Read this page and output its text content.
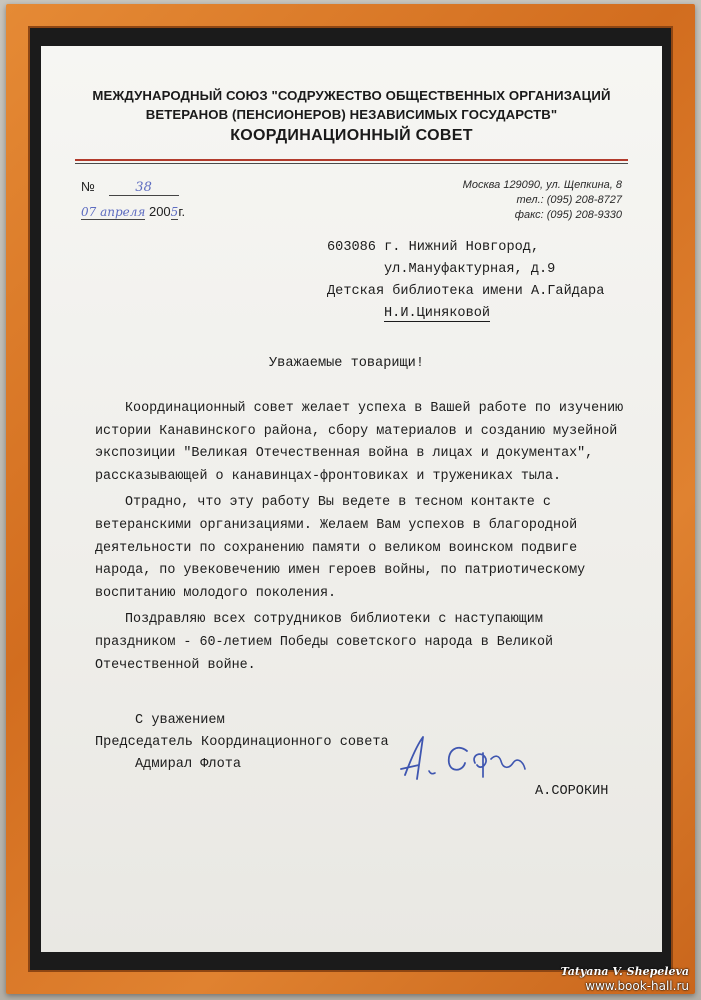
МЕЖДУНАРОДНЫЙ СОЮЗ "СОДРУЖЕСТВО ОБЩЕСТВЕННЫХ ОРГАНИЗАЦИЙ
ВЕТЕРАНОВ (ПЕНСИОНЕРОВ) НЕЗАВИСИМЫХ ГОСУДАРСТВ"
КООРДИНАЦИОННЫЙ СОВЕТ
№	38
07 апреля 2005г.
Москва 129090, ул. Щепкина, 8
тел.: (095) 208-8727
факс: (095) 208-9330
603086 г. Нижний Новгород,
ул.Мануфактурная, д.9
Детская библиотека имени А.Гайдара
Н.И.Циняковой
Уважаемые товарищи!

Координационный совет желает успеха в Вашей работе по изучению истории Канавинского района, сбору материалов и созданию музейной экспозиции "Великая Отечественная война в лицах и документах", рассказывающей о канавинцах-фронтовиках и тружениках тыла.

Отрадно, что эту работу Вы ведете в тесном контакте с ветеранскими организациями. Желаем Вам успехов в благородной деятельности по сохранению памяти о великом воинском подвиге народа, по увековечению имен героев войны, по патриотическому воспитанию молодого поколения.

Поздравляю всех сотрудников библиотеки с наступающим праздником - 60-летием Победы советского народа в Великой Отечественной войне.

С уважением
Председатель Координационного совета
Адмирал Флота
А.СОРОКИН
Tatyana V. Shepeleva
www.book-hall.ru
